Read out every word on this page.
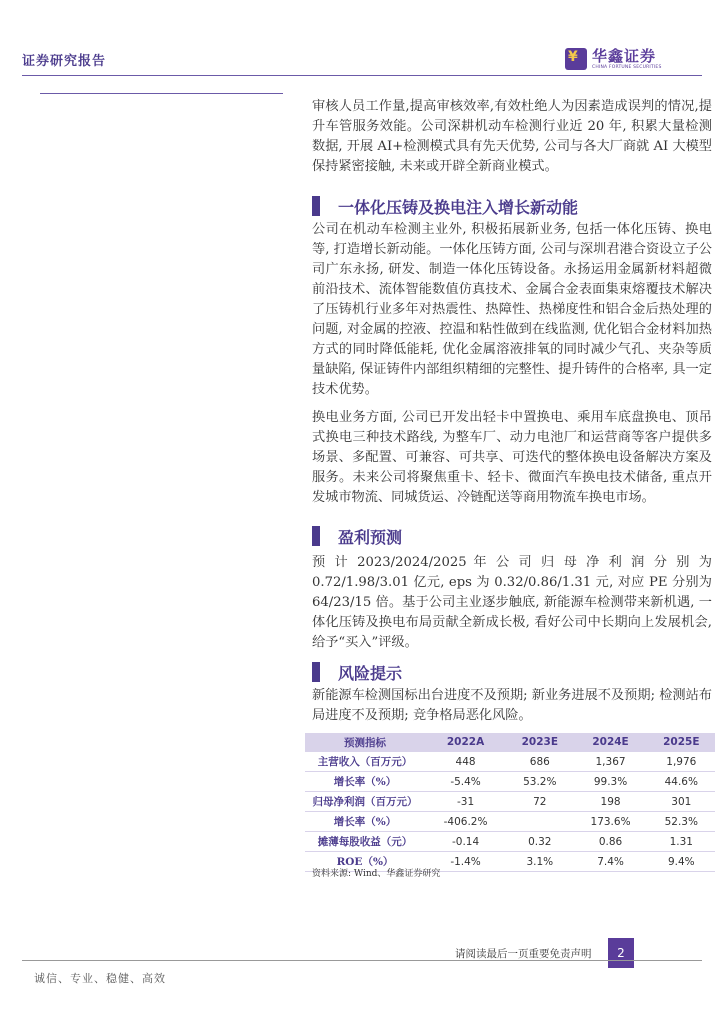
证券研究报告	¥ 华鑫证券
CHINA FORTUNE SECURITIES

审核人员工作量,提高审核效率,有效杜绝人为因素造成误判的情况,提升车管服务效能。公司深耕机动车检测行业近 20 年, 积累大量检测数据, 开展 AI+检测模式具有先天优势, 公司与各大厂商就 AI 大模型保持紧密接触, 未来或开辟全新商业模式。

一体化压铸及换电注入增长新动能

公司在机动车检测主业外, 积极拓展新业务, 包括一体化压铸、换电等, 打造增长新动能。一体化压铸方面, 公司与深圳君港合资设立子公司广东永扬, 研发、制造一体化压铸设备。永扬运用金属新材料超微前沿技术、流体智能数值仿真技术、金属合金表面集束熔覆技术解决了压铸机行业多年对热震性、热障性、热梯度性和铝合金后热处理的问题, 对金属的控液、控温和粘性做到在线监测, 优化铝合金材料加热方式的同时降低能耗, 优化金属溶液排氧的同时减少气孔、夹杂等质量缺陷, 保证铸件内部组织精细的完整性、提升铸件的合格率, 具一定技术优势。

换电业务方面, 公司已开发出轻卡中置换电、乘用车底盘换电、顶吊式换电三种技术路线, 为整车厂、动力电池厂和运营商等客户提供多场景、多配置、可兼容、可共享、可迭代的整体换电设备解决方案及服务。未来公司将聚焦重卡、轻卡、微面汽车换电技术储备, 重点开发城市物流、同城货运、冷链配送等商用物流车换电市场。

盈利预测

预 计 2023/2024/2025 年 公 司 归 母 净 利 润 分 别 为 0.72/1.98/3.01 亿元, eps 为 0.32/0.86/1.31 元, 对应 PE 分别为 64/23/15 倍。基于公司主业逐步触底, 新能源车检测带来新机遇, 一体化压铸及换电布局贡献全新成长极, 看好公司中长期向上发展机会, 给予“买入”评级。

风险提示

新能源车检测国标出台进度不及预期; 新业务进展不及预期; 检测站布局进度不及预期; 竞争格局恶化风险。

预测指标	2022A	2023E	2024E	2025E
主营收入（百万元）	448	686	1,367	1,976
增长率（%）	-5.4%	53.2%	99.3%	44.6%
归母净利润（百万元）	-31	72	198	301
增长率（%）	-406.2%		173.6%	52.3%
摊薄每股收益（元）	-0.14	0.32	0.86	1.31
ROE（%）	-1.4%	3.1%	7.4%	9.4%
资料来源: Wind、华鑫证券研究
请阅读最后一页重要免责声明	2
诚信、专业、稳健、高效
